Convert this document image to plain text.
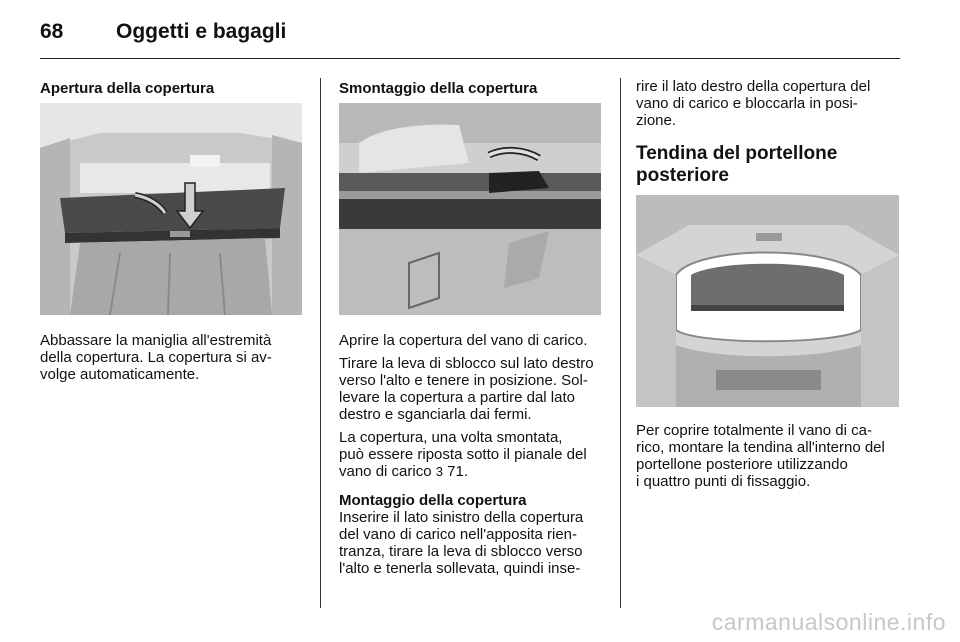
68	Oggetti e bagagli
Apertura della copertura

Abbassare la maniglia all'estremità
della copertura. La copertura si av-
volge automaticamente.

Smontaggio della copertura

Aprire la copertura del vano di carico.

Tirare la leva di sblocco sul lato destro
verso l'alto e tenere in posizione. Sol-
levare la copertura a partire dal lato
destro e sganciarla dai fermi.

La copertura, una volta smontata,
può essere riposta sotto il pianale del
vano di carico 3 71.

Montaggio della copertura

Inserire il lato sinistro della copertura
del vano di carico nell'apposita rien-
tranza, tirare la leva di sblocco verso
l'alto e tenerla sollevata, quindi inse-

rire il lato destro della copertura del
vano di carico e bloccarla in posi-
zione.

Tendina del portellone
posteriore

Per coprire totalmente il vano di ca-
rico, montare la tendina all'interno del
portellone posteriore utilizzando
i quattro punti di fissaggio.

carmanualsonline.info
